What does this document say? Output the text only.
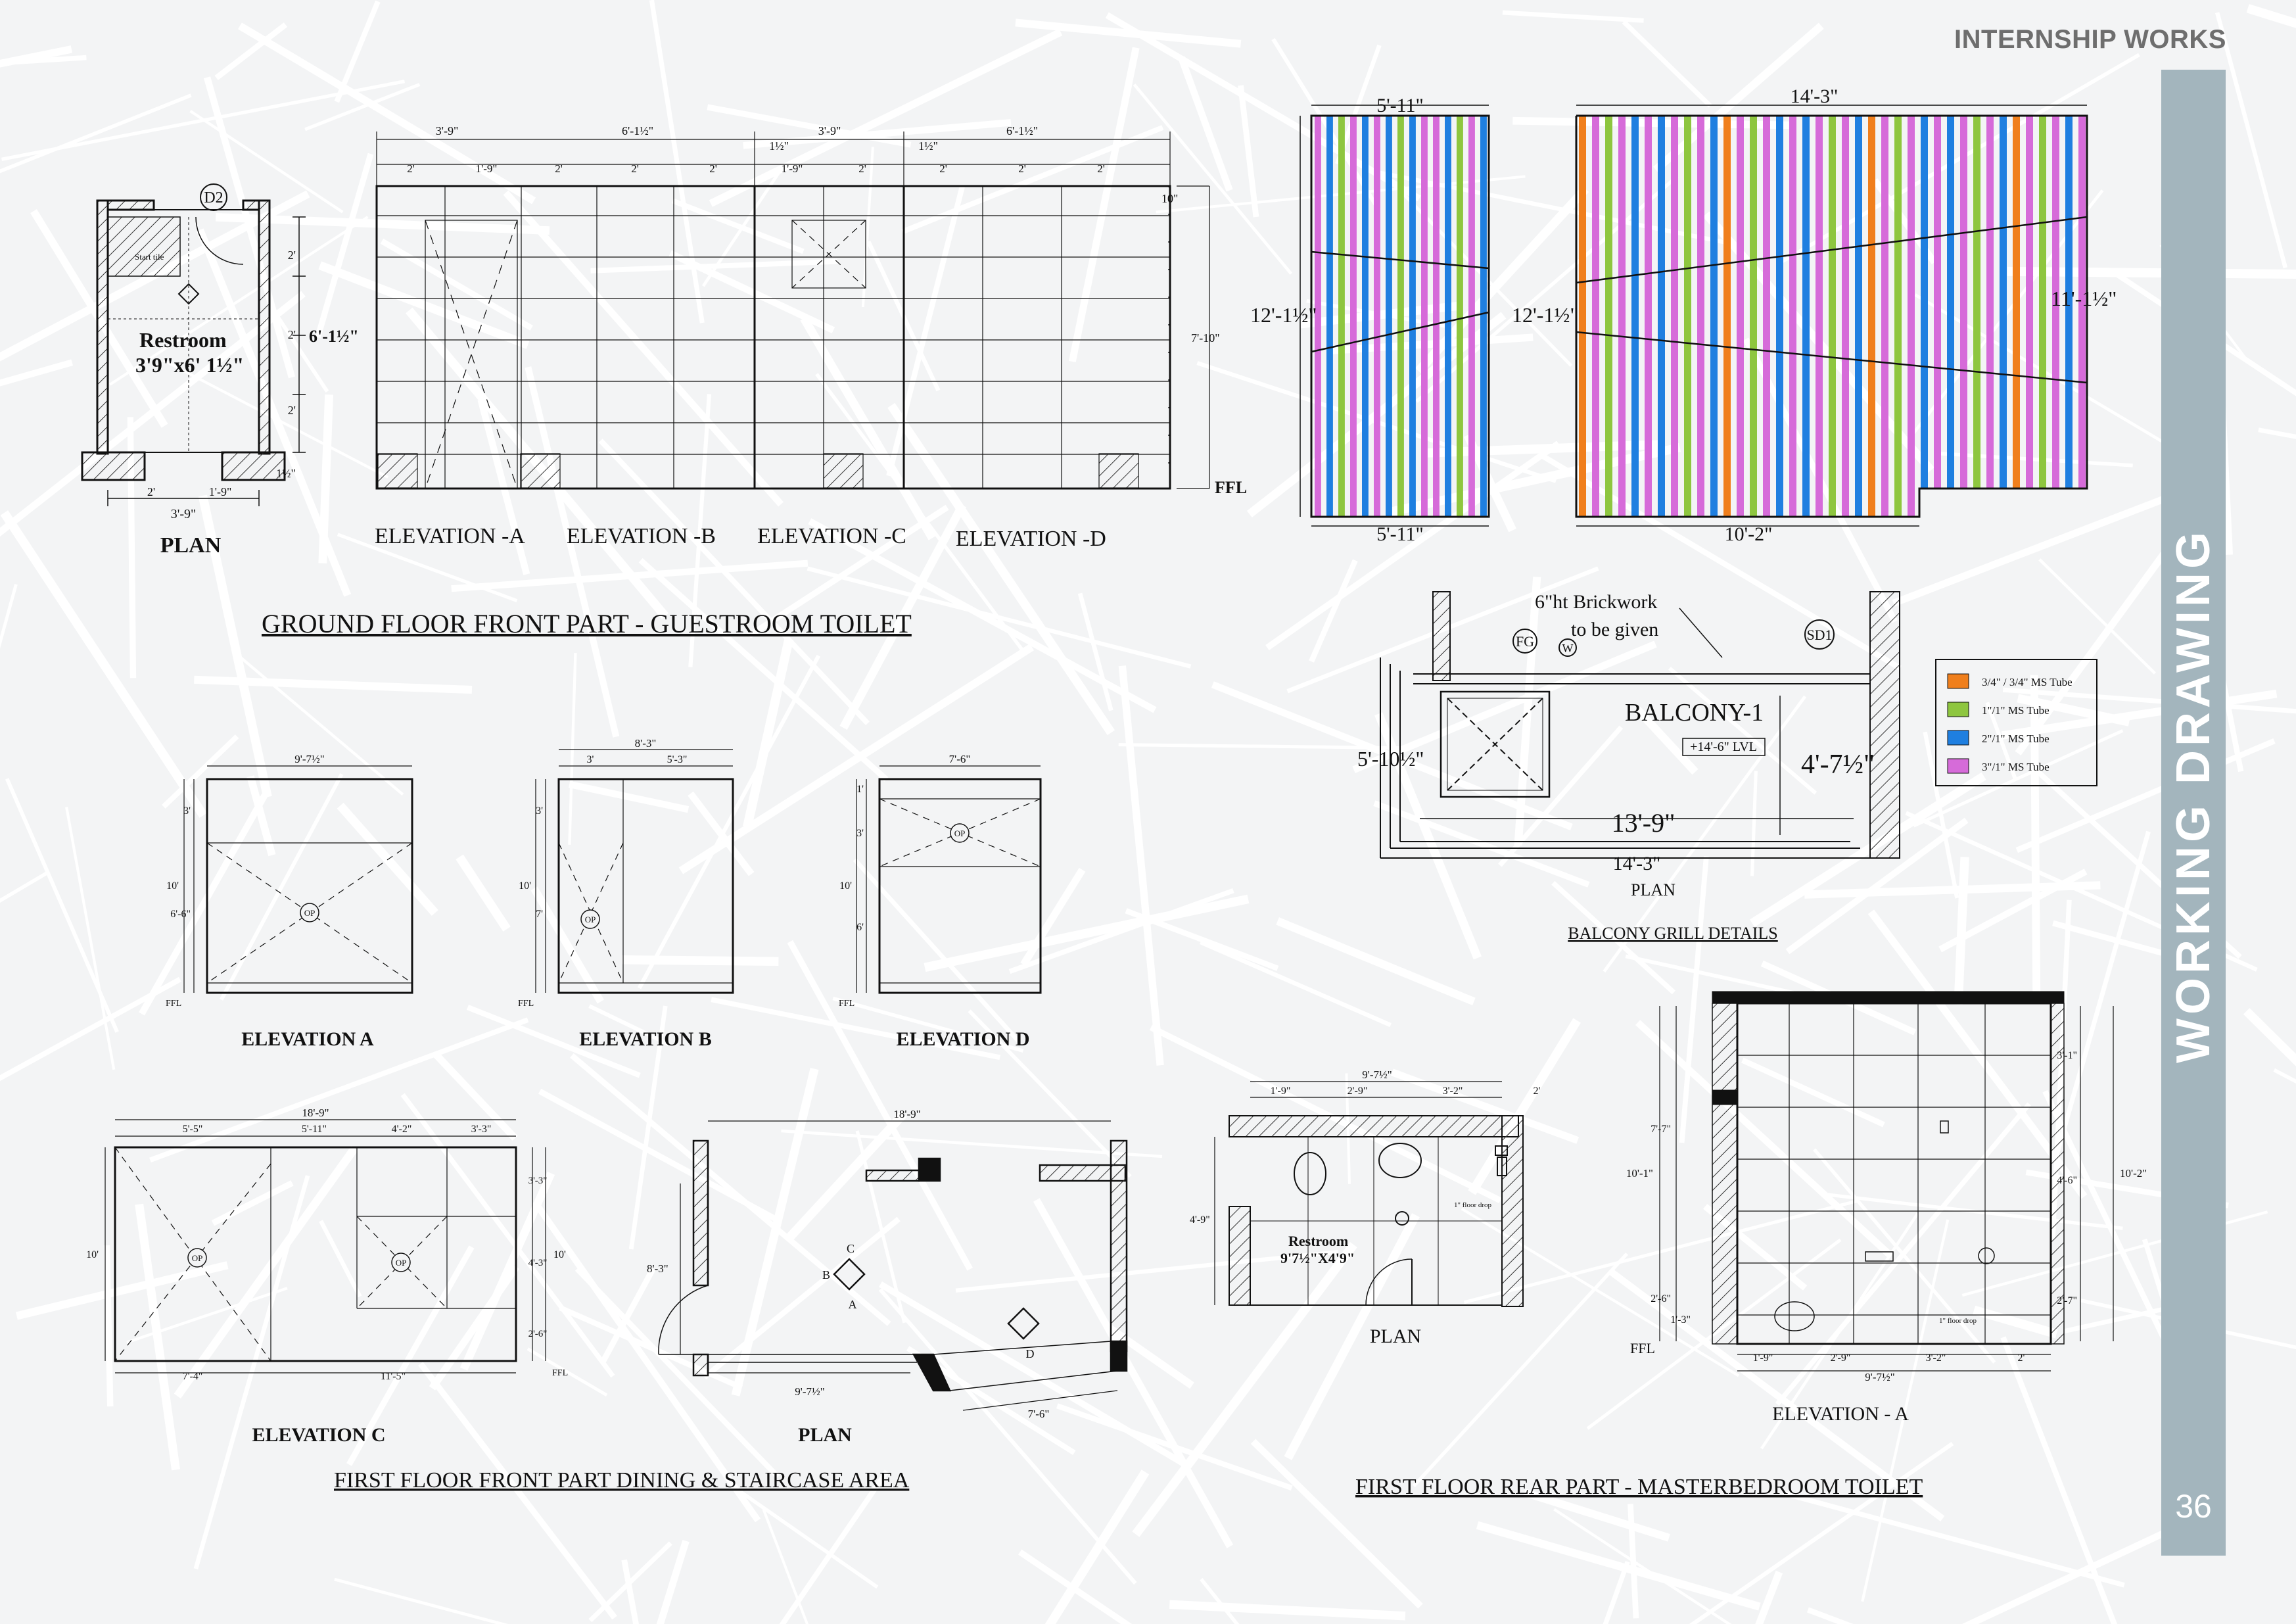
INTERNSHIP WORKS
WORKING DRAWING
36
D2
Start tile
Restroom
3'9"x6' 1½"
3'-9"
2'	1'-9"
6'-1½"
2'
2'
2'
1½"
PLAN
3'-9"	6'-1½"
1½"
3'-9"
1½"
6'-1½"
2'	1'-9"	2'	2'	2'	1'-9"	2'	2'	2'	2'
10"
7'-10"
FFL
ELEVATION -A ELEVATION -B ELEVATION -C ELEVATION -D
GROUND FLOOR FRONT PART - GUESTROOM TOILET
5'-11"
5'-11"
12'-1½"
14'-3"
10'-2"
12'-1½"
11'-1½"
3/4" / 3/4" MS Tube
1"/1" MS Tube
2"/1" MS Tube
3"/1" MS Tube
6"ht Brickwork
to be given
FG W
SD1
BALCONY-1
+14'-6" LVL
4'-7½"
5'-10½"
13'-9"
14'-3"
PLAN
BALCONY GRILL DETAILS
9'-7½"
3'
6'-6"
10'
OP
FFL
ELEVATION A
8'-3"
3'	5'-3"
3'
7'
10'
OP
FFL
ELEVATION B
7'-6"
1'
3'
6'
10'
OP
FFL
ELEVATION D
18'-9"
5'-5"	5'-11"	4'-2"	3'-3"
7'-4"	11'-5"
3'-3"
4'-3"
2'-6"
10'	10'
OP	OP
FFL
ELEVATION C
18'-9"
8'-3"
9'-7½"
7'-6"
A
B
C
D
PLAN
FIRST FLOOR FRONT PART DINING & STAIRCASE AREA
9'-7½"
1'-9"	2'-9"	3'-2"	2'
4'-9"
1" floor drop
Restroom
9'7½"X4'9"
PLAN
10'-1"	10'-2"
3'-1"
4'-6"
2'-7"
7'-7"
2'-6"
1'-3"
1'-9"	2'-9"	3'-2"	2'
9'-7½"
1" floor drop
FFL
ELEVATION - A
FIRST FLOOR REAR PART - MASTERBEDROOM TOILET
